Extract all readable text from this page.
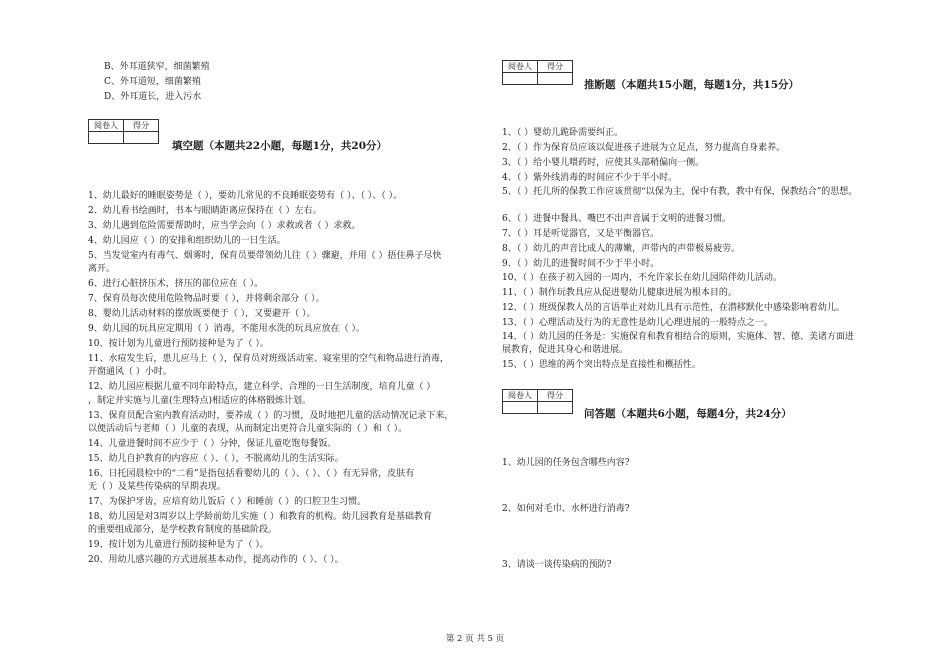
B、外耳道狭窄，细菌繁殖
C、外耳道短，细菌繁殖
D、外耳道长，进入污水
阅卷人	得分

填空题（本题共22小题，每题1分，共20分）
1、幼儿最好的睡眠姿势是（ ），要幼儿常见的不良睡眠姿势有（ ）、（ ）、（ ）。
2、幼儿看书绘画时，书本与眼睛距离应保持在（ ）左右。
3、幼儿遇到危险需要帮助时，应当学会向（ ）求救或者（ ）求救。
4、幼儿园应（ ）的安排和组织幼儿的一日生活。
5、当发觉室内有毒气、烟雾时，保育员要带领幼儿往（ ）骤避，并用（ ）捂住鼻子尽快
离开。
6、进行心脏挤压术，挤压的部位应在（ ）。
7、保育员每次使用危险物品时要（ ），并将剩余部分（ ）。
8、婴幼儿活动材料的摆放既要便于（ ），又要避开（ ）。
9、幼儿园的玩具应定期用（ ）消毒，不能用水洗的玩具应放在（ ）。
10、按计划为儿童进行预防接种是为了（ ）。
11、水痘发生后，患儿应马上（ ），保育员对班级活动室、寝室里的空气和物品进行消毒，
开窗通风（ ）小时。
12、幼儿园应根据儿童不同年龄特点，建立科学、合理的一日生活制度，培育儿童（ ）
，制定并实施与儿童(生理特点)相适应的体格锻炼计划。
13、保育员配合室内教育活动时，要养成（ ）的习惯，及时地把儿童的活动情况记录下来，
以便活动后与老师（ ）儿童的表现，从而制定出更符合儿童实际的（ ）和（ ）。
14、儿童进餐时间不应少于（ ）分钟，保证儿童吃饱每餐饭。
15、幼儿自护教育的内容应（ ）、（ ），不脱离幼儿的生活实际。
16、日托园晨检中的“二看”是指包括看婴幼儿的（ ）、（ ）、（ ）有无异常，皮肤有
无（ ）及某些传染病的早期表现。
17、为保护牙齿，应培育幼儿饭后（ ）和睡前（ ）的口腔卫生习惯。
18、幼儿园是对3周岁以上学龄前幼儿实施（ ）和教育的机构。幼儿园教育是基础教育
的重要组成部分，是学校教育制度的基础阶段。
19、按计划为儿童进行预防接种是为了（ ）。
20、用幼儿感兴趣的方式进展基本动作，提高动作的（ ）、（ ）。
阅卷人	得分

推断题（本题共15小题，每题1分，共15分）
1、（ ）婴幼儿跪卧需要纠正。
2、（ ）作为保育员应该以促进孩子进展为立足点，努力提高自身素养。
3、（ ）给小婴儿喂药时，应使其头部稍偏向一侧。
4、（ ）紫外线消毒的时间应不少于半小时。
5、（ ）托儿所的保教工作应该贯彻“以保为主，保中有教，教中有保，保教结合”的思想。
6、（ ）进餐中餐具、嘴巴不出声音属于文明的进餐习惯。
7、（ ）耳是听觉器官，又是平衡器官。
8、（ ）幼儿的声音比成人的薄嫩，声带内的声带极易疲劳。
9、（ ）幼儿的进餐时间不少于半小时。
10、（ ）在孩子初入园的一周内，不允许家长在幼儿园陪伴幼儿活动。
11、（ ）制作玩教具应从促进婴幼儿健康进展为根本目的。
12、（ ）班级保教人员的言语举止对幼儿具有示范性，在潜移默化中感染影响着幼儿。
13、（ ）心理活动及行为的无意性是幼儿心理进展的一般特点之一。
14、（ ）幼儿园的任务是：实施保育和教育相结合的原则，实施体、智、德、美诸方面进
展教育，促进其身心和谐进展。
15、（ ）思维的两个突出特点是直接性和概括性。
阅卷人	得分

问答题（本题共6小题，每题4分，共24分）
1、幼儿园的任务包含哪些内容?
2、如何对毛巾、水杯进行消毒?
3、请谈一谈传染病的预防?
第 2 页 共 5 页
